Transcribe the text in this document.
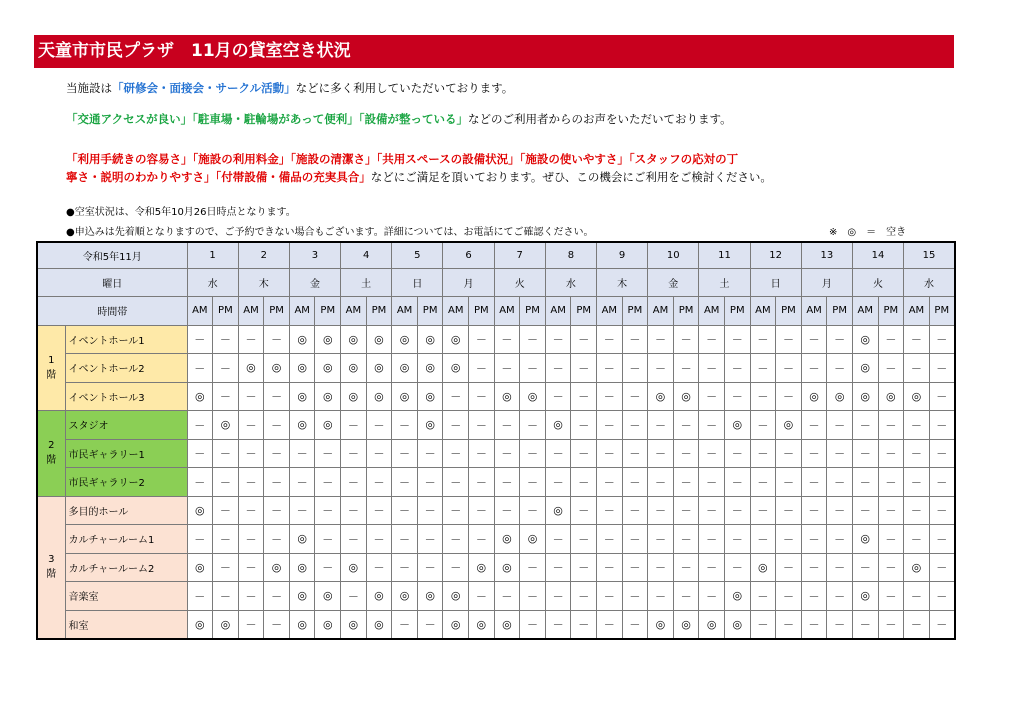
天童市市民プラザ　11月の貸室空き状況
当施設は「研修会・面接会・サークル活動」などに多く利用していただいております。
「交通アクセスが良い」「駐車場・駐輪場があって便利」「設備が整っている」などのご利用者からのお声をいただいております。
「利用手続きの容易さ」「施設の利用料金」「施設の清潔さ」「共用スペースの設備状況」「施設の使いやすさ」「スタッフの応対の丁
寧さ・説明のわかりやすさ」「付帯設備・備品の充実具合」などにご満足を頂いております。ぜひ、この機会にご利用をご検討ください。
●空室状況は、令和5年10月26日時点となります。
●申込みは先着順となりますので、ご予約できない場合もございます。詳細については、お電話にてご確認ください。	※　◎　＝　空き
令和5年11月		1		2		3		4		5		6		7		8		9		10		11		12		13		14		15	
曜日		水		木		金		土		日		月		火		水		木		金		土		日		月		火		水	
時間帯		AM	PM	AM	PM	AM	PM	AM	PM	AM	PM	AM	PM	AM	PM	AM	PM	AM	PM	AM	PM	AM	PM	AM	PM	AM	PM	AM	PM	AM	PM
1
階	イベントホール1	－	－	－	－	◎	◎	◎	◎	◎	◎	◎	－	－	－	－	－	－	－	－	－	－	－	－	－	－	－	◎	－	－	－
	イベントホール2	－	－	◎	◎	◎	◎	◎	◎	◎	◎	◎	－	－	－	－	－	－	－	－	－	－	－	－	－	－	－	◎	－	－	－
	イベントホール3	◎	－	－	－	◎	◎	◎	◎	◎	◎	－	－	◎	◎	－	－	－	－	◎	◎	－	－	－	－	◎	◎	◎	◎	◎	－
2
階	スタジオ	－	◎	－	－	◎	◎	－	－	－	◎	－	－	－	－	◎	－	－	－	－	－	－	◎	－	◎	－	－	－	－	－	－
	市民ギャラリー1	－	－	－	－	－	－	－	－	－	－	－	－	－	－	－	－	－	－	－	－	－	－	－	－	－	－	－	－	－	－
	市民ギャラリー2	－	－	－	－	－	－	－	－	－	－	－	－	－	－	－	－	－	－	－	－	－	－	－	－	－	－	－	－	－	－
3
階	多目的ホール	◎	－	－	－	－	－	－	－	－	－	－	－	－	－	◎	－	－	－	－	－	－	－	－	－	－	－	－	－	－	－
	カルチャールーム1	－	－	－	－	◎	－	－	－	－	－	－	－	◎	◎	－	－	－	－	－	－	－	－	－	－	－	－	◎	－	－	－
	カルチャールーム2	◎	－	－	◎	◎	－	◎	－	－	－	－	◎	◎	－	－	－	－	－	－	－	－	－	◎	－	－	－	－	－	◎	－
	音楽室	－	－	－	－	◎	◎	－	◎	◎	◎	◎	－	－	－	－	－	－	－	－	－	－	◎	－	－	－	－	◎	－	－	－
	和室	◎	◎	－	－	◎	◎	◎	◎	－	－	◎	◎	◎	－	－	－	－	－	◎	◎	◎	◎	－	－	－	－	－	－	－	－
